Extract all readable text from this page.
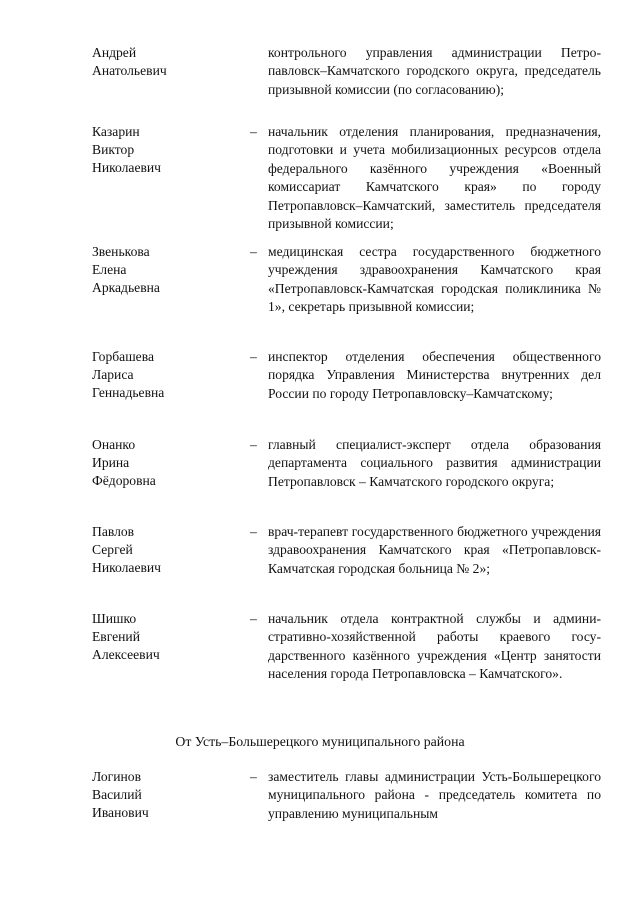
Андрей
Анатольевич
контрольного управления администрации Петропавловск–Камчатского городского округа, председатель призывной комиссии (по согласованию);
Казарин
Виктор
Николаевич
– начальник отделения планирования, предназначения, подготовки и учета мобилизационных ресурсов отдела федерального казённого учреждения «Военный комиссариат Камчатского края» по городу Петропавловск–Камчатский, заместитель председателя призывной комиссии;
Звенькова
Елена
Аркадьевна
– медицинская сестра государственного бюджетного учреждения здравоохранения Камчатского края «Петропавловск-Камчатская городская поликлиника № 1», секретарь призывной комиссии;
Горбашева
Лариса
Геннадьевна
– инспектор отделения обеспечения общественного порядка Управления Министерства внутренних дел России по городу Петропавловску–Камчатскому;
Онанко
Ирина
Фёдоровна
– главный специалист-эксперт отдела образования департамента социального развития администрации Петропавловск – Камчатского городского округа;
Павлов
Сергей
Николаевич
– врач-терапевт государственного бюджетного учреждения здравоохранения Камчатского края «Петропавловск-Камчатская городская больница № 2»;
Шишко
Евгений
Алексеевич
– начальник отдела контрактной службы и административно-хозяйственной работы краевого государственного казённого учреждения «Центр занятости населения города Петропавловска – Камчатского».
От Усть–Большерецкого муниципального района
Логинов
Василий
Иванович
– заместитель главы администрации Усть-Большерецкого муниципального района - председатель комитета по управлению муниципальным
